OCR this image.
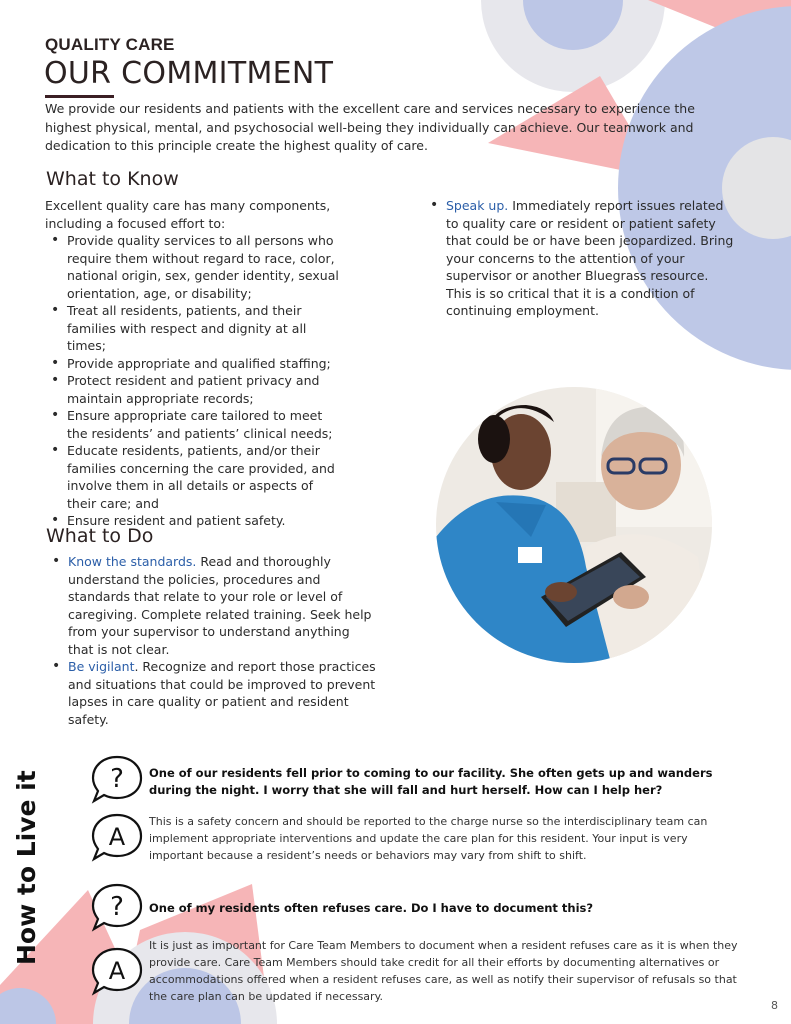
QUALITY CARE
OUR COMMITMENT
We provide our residents and patients with the excellent care and services necessary to experience the highest physical, mental, and psychosocial well-being they individually can achieve. Our teamwork and dedication to this principle create the highest quality of care.
What to Know
Excellent quality care has many components, including a focused effort to:
• Provide quality services to all persons who require them without regard to race, color, national origin, sex, gender identity, sexual orientation, age, or disability;
• Treat all residents, patients, and their families with respect and dignity at all times;
• Provide appropriate and qualified staffing;
• Protect resident and patient privacy and maintain appropriate records;
• Ensure appropriate care tailored to meet the residents’ and patients’ clinical needs;
• Educate residents, patients, and/or their families concerning the care provided, and involve them in all details or aspects of their care; and
• Ensure resident and patient safety.
• Speak up. Immediately report issues related to quality care or resident or patient safety that could be or have been jeopardized. Bring your concerns to the attention of your supervisor or another Bluegrass resource. This is so critical that it is a condition of continuing employment.
What to Do
• Know the standards. Read and thoroughly understand the policies, procedures and standards that relate to your role or level of caregiving. Complete related training. Seek help from your supervisor to understand anything that is not clear.
• Be vigilant. Recognize and report those practices and situations that could be improved to prevent lapses in care quality or patient and resident safety.
How to Live it	? One of our residents fell prior to coming to our facility. She often gets up and wanders during the night. I worry that she will fall and hurt herself. How can I help her?
A
This is a safety concern and should be reported to the charge nurse so the interdisciplinary team can implement appropriate interventions and update the care plan for this resident. Your input is very important because a resident’s needs or behaviors may vary from shift to shift.
? One of my residents often refuses care. Do I have to document this?
A
It is just as important for Care Team Members to document when a resident refuses care as it is when they provide care. Care Team Members should take credit for all their efforts by documenting alternatives or accommodations offered when a resident refuses care, as well as notify their supervisor of refusals so that the care plan can be updated if necessary.
8
